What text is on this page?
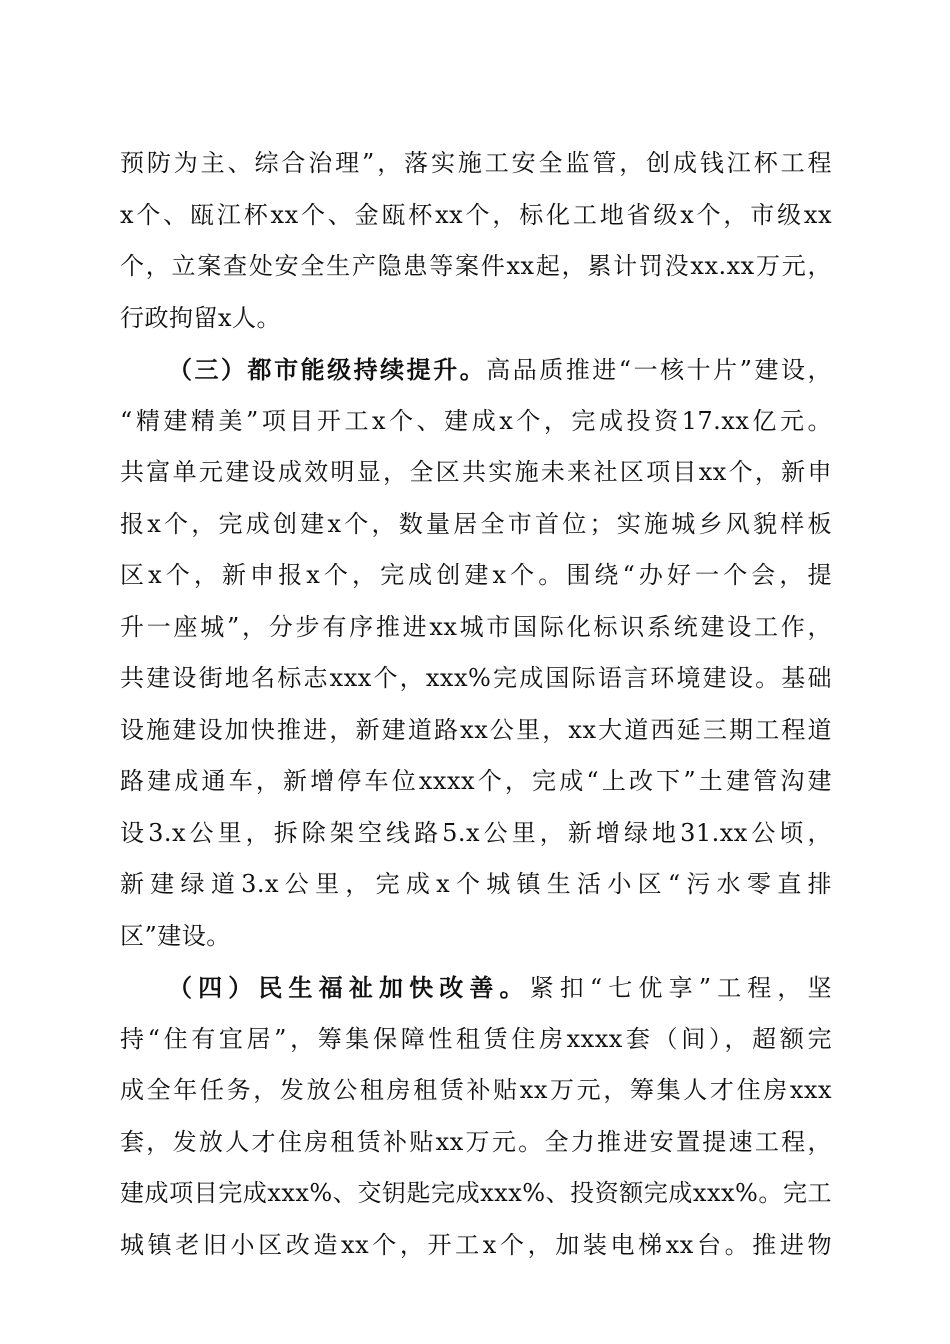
预防为主、综合治理”，落实施工安全监管，创成钱江杯工程
x个、瓯江杯xx个、金瓯杯xx个，标化工地省级x个，市级xx
个，立案查处安全生产隐患等案件xx起，累计罚没xx.xx万元，
行政拘留x人。
（三）都市能级持续提升。高品质推进“一核十片”建设，
“精建精美”项目开工x个、建成x个，完成投资17.xx亿元。
共富单元建设成效明显，全区共实施未来社区项目xx个，新申
报x个，完成创建x个，数量居全市首位；实施城乡风貌样板
区x个，新申报x个，完成创建x个。围绕“办好一个会，提
升一座城”，分步有序推进xx城市国际化标识系统建设工作，
共建设街地名标志xxx个，xxx%完成国际语言环境建设。基础
设施建设加快推进，新建道路xx公里，xx大道西延三期工程道
路建成通车，新增停车位xxxx个，完成“上改下”土建管沟建
设3.x公里，拆除架空线路5.x公里，新增绿地31.xx公顷，
新建绿道3.x公里，完成x个城镇生活小区“污水零直排
区”建设。
（四）民生福祉加快改善。紧扣“七优享”工程，坚
持“住有宜居”，筹集保障性租赁住房xxxx套（间），超额完
成全年任务，发放公租房租赁补贴xx万元，筹集人才住房xxx
套，发放人才住房租赁补贴xx万元。全力推进安置提速工程，
建成项目完成xxx%、交钥匙完成xxx%、投资额完成xxx%。完工
城镇老旧小区改造xx个，开工x个，加装电梯xx台。推进物
